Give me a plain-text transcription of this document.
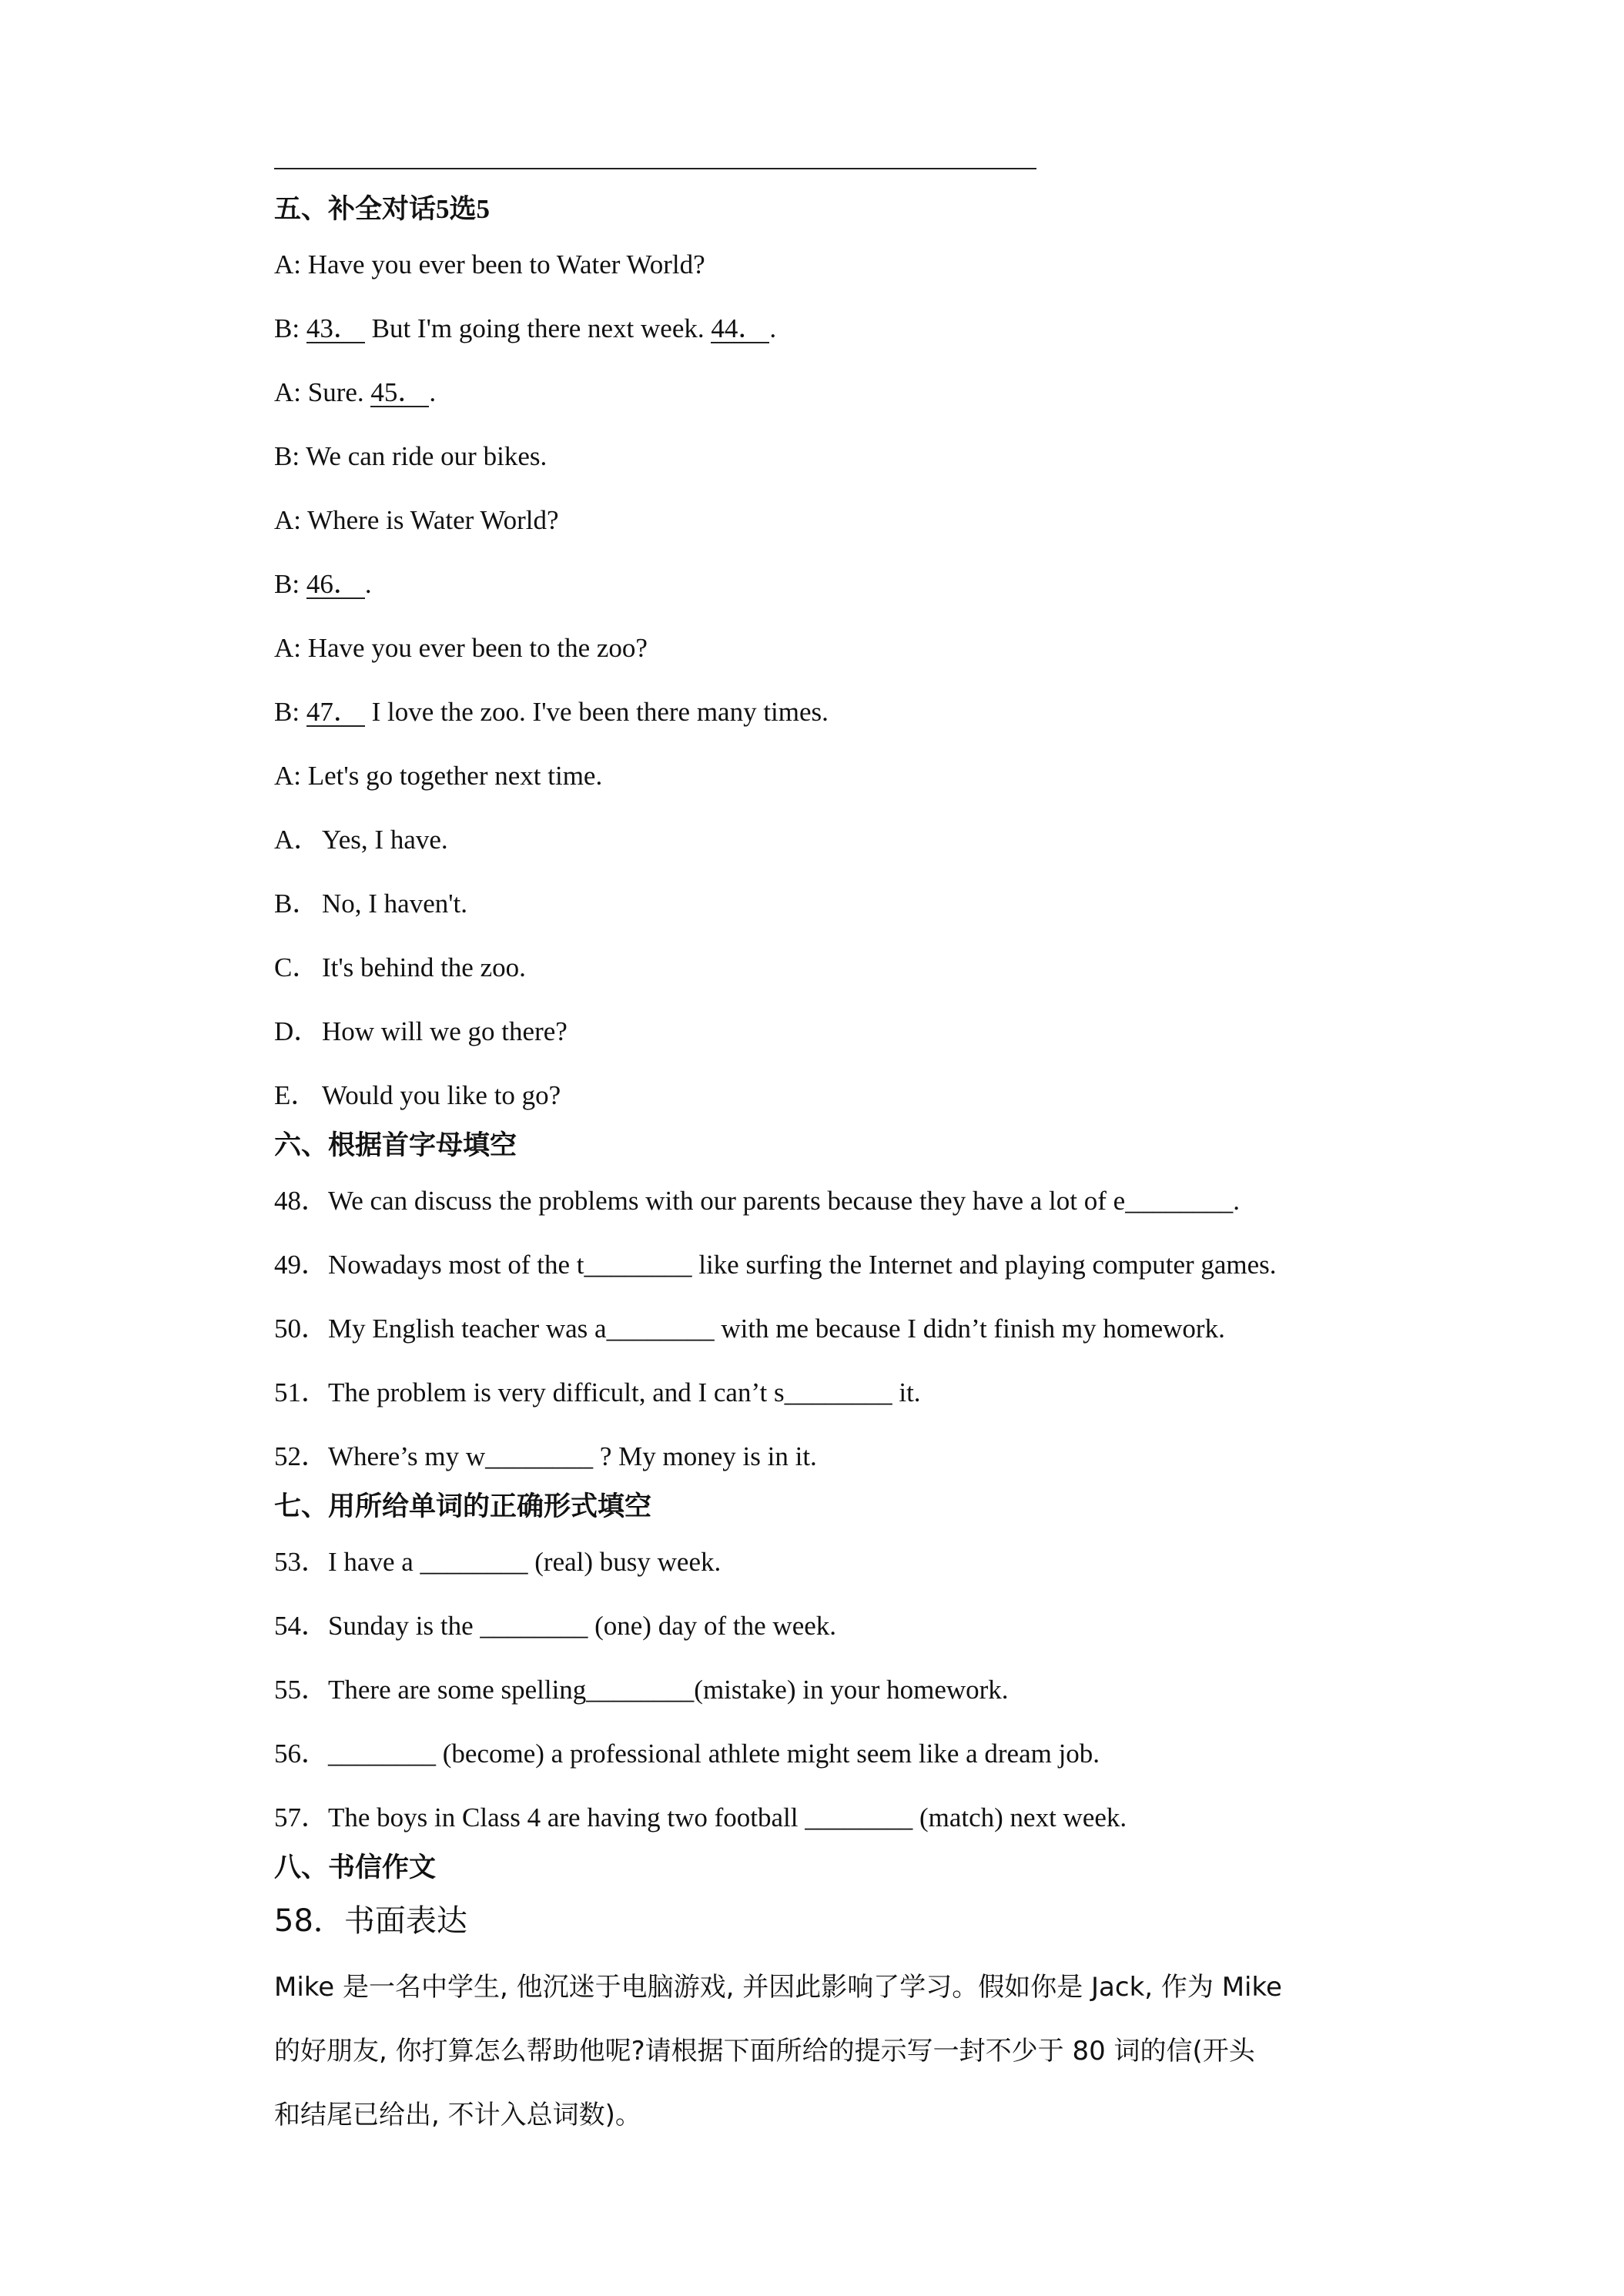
五、补全对话5选5
A: Have you ever been to Water World?
B: 43． But I'm going there next week. 44． .
A: Sure. 45． .
B: We can ride our bikes.
A: Where is Water World?
B: 46． .
A: Have you ever been to the zoo?
B: 47． I love the zoo. I've been there many times.
A: Let's go together next time.
A．Yes, I have.
B． No, I haven't.
C． It's behind the zoo.
D．How will we go there?
E． Would you like to go?
六、根据首字母填空
48．We can discuss the problems with our parents because they have a lot of e________.
49．Nowadays most of the t________ like surfing the Internet and playing computer games.
50．My English teacher was a________ with me because I didn’t finish my homework.
51．The problem is very difficult, and I can’t s________ it.
52．Where’s my w________ ? My money is in it.
七、用所给单词的正确形式填空
53．I have a ________ (real) busy week.
54．Sunday is the ________ (one) day of the week.
55．There are some spelling________(mistake) in your homework.
56．________ (become) a professional athlete might seem like a dream job.
57．The boys in Class 4 are having two football ________ (match) next week.
八、书信作文
58．书面表达
Mike 是一名中学生, 他沉迷于电脑游戏, 并因此影响了学习。假如你是 Jack, 作为 Mike
的好朋友, 你打算怎么帮助他呢?请根据下面所给的提示写一封不少于 80 词的信(开头
和结尾已给出, 不计入总词数)。
